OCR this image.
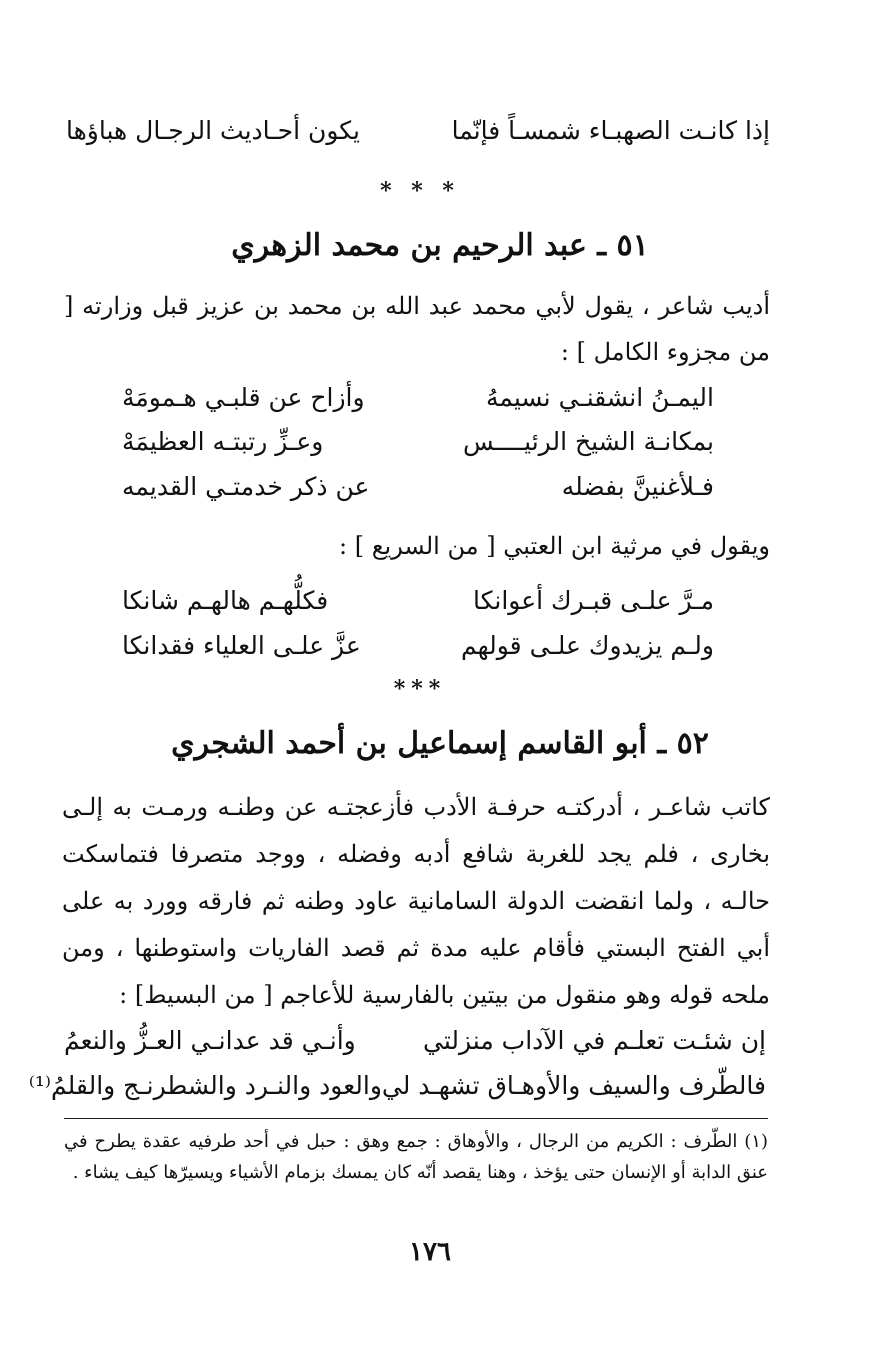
إذا كانـت الصهبـاء شمسـاً فإنّما
يكون أحـاديث الرجـال هباؤها
* * *
٥١ ـ عبد الرحيم بن محمد الزهري
أديب شاعر ، يقول لأبي محمد عبد الله بن محمد بن عزيز قبل وزارته [ من مجزوء الكامل ] :
اليمـنُ انشقنـي نسيمهُ
وأزاح عن قلبـي هـمومَهْ
بمكانـة الشيخ الرئيــــس
وعـزِّ رتبتـه العظيمَهْ
فـلأغنينَّ بفضله
عن ذكر خدمتـي القديمه
ويقول في مرثية ابن العتبي [ من السريع ] :
مـرَّ علـى قبـرك أعوانكا
فكلُّهـم هالهـم شانكا
ولـم يزيدوك علـى قولهم
عزَّ علـى العلياء فقدانكا
***
٥٢ ـ أبو القاسم إسماعيل بن أحمد الشجري
كاتب شاعـر ، أدركتـه حرفـة الأدب فأزعجتـه عن وطنـه ورمـت به إلـى بخارى ، فلم يجد للغربة شافع أدبه وفضله ، ووجد متصرفا فتماسكت حالـه ، ولما انقضت الدولة السامانية عاود وطنه ثم فارقه وورد به على أبي الفتح البستي فأقام عليه مدة ثم قصد الفاريات واستوطنها ، ومن ملحه قوله وهو منقول من بيتين بالفارسية للأعاجم [ من البسيط] :
إن شئـت تعلـم في الآداب منزلتي
وأنـي قد عدانـي العـزُّ والنعمُ
فالطّرف والسيف والأوهـاق تشهـد لي
والعود والنـرد والشطرنـج والقلمُ⁽¹⁾
(١) الطّرف : الكريم من الرجال ، والأوهاق : جمع وهق : حبل في أحد طرفيه عقدة يطرح في عنق الدابة أو الإنسان حتى يؤخذ ، وهنا يقصد أنّه كان يمسك بزمام الأشياء ويسيرّها كيف يشاء .
١٧٦
